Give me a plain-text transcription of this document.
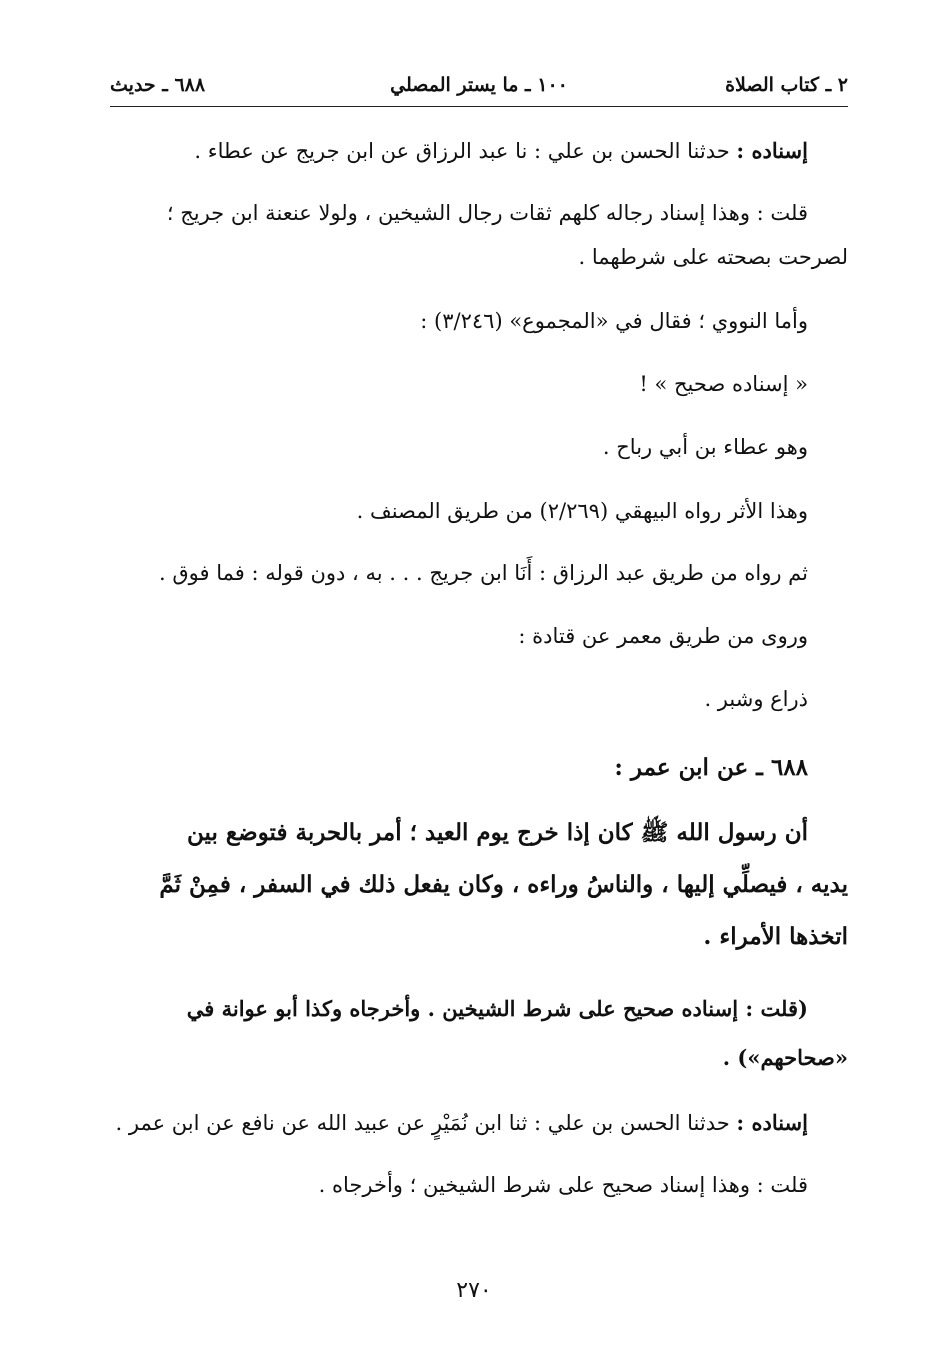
٢ ـ كتاب الصلاة
١٠٠ ـ ما يستر المصلي
٦٨٨ ـ حديث
إسناده : حدثنا الحسن بن علي : نا عبد الرزاق عن ابن جريج عن عطاء .
قلت : وهذا إسناد رجاله كلهم ثقات رجال الشيخين ، ولولا عنعنة ابن جريج ؛
لصرحت بصحته على شرطهما .
وأما النووي ؛ فقال في «المجموع» (٣/٢٤٦) :
« إسناده صحيح » !
وهو عطاء بن أبي رباح .
وهذا الأثر رواه البيهقي (٢/٢٦٩) من طريق المصنف .
ثم رواه من طريق عبد الرزاق : أَنَا ابن جريج . . . به ، دون قوله : فما فوق .
وروى من طريق معمر عن قتادة :
ذراع وشبر .
٦٨٨ ـ عن ابن عمر :
أن رسول الله ﷺ كان إذا خرج يوم العيد ؛ أمر بالحربة فتوضع بين
يديه ، فيصلِّي إليها ، والناسُ وراءه ، وكان يفعل ذلك في السفر ، فمِنْ ثَمَّ
اتخذها الأمراء .
(قلت : إسناده صحيح على شرط الشيخين . وأخرجاه وكذا أبو عوانة في
«صحاحهم») .
إسناده : حدثنا الحسن بن علي : ثنا ابن نُمَيْرٍ عن عبيد الله عن نافع عن ابن عمر .
قلت : وهذا إسناد صحيح على شرط الشيخين ؛ وأخرجاه .
٢٧٠
